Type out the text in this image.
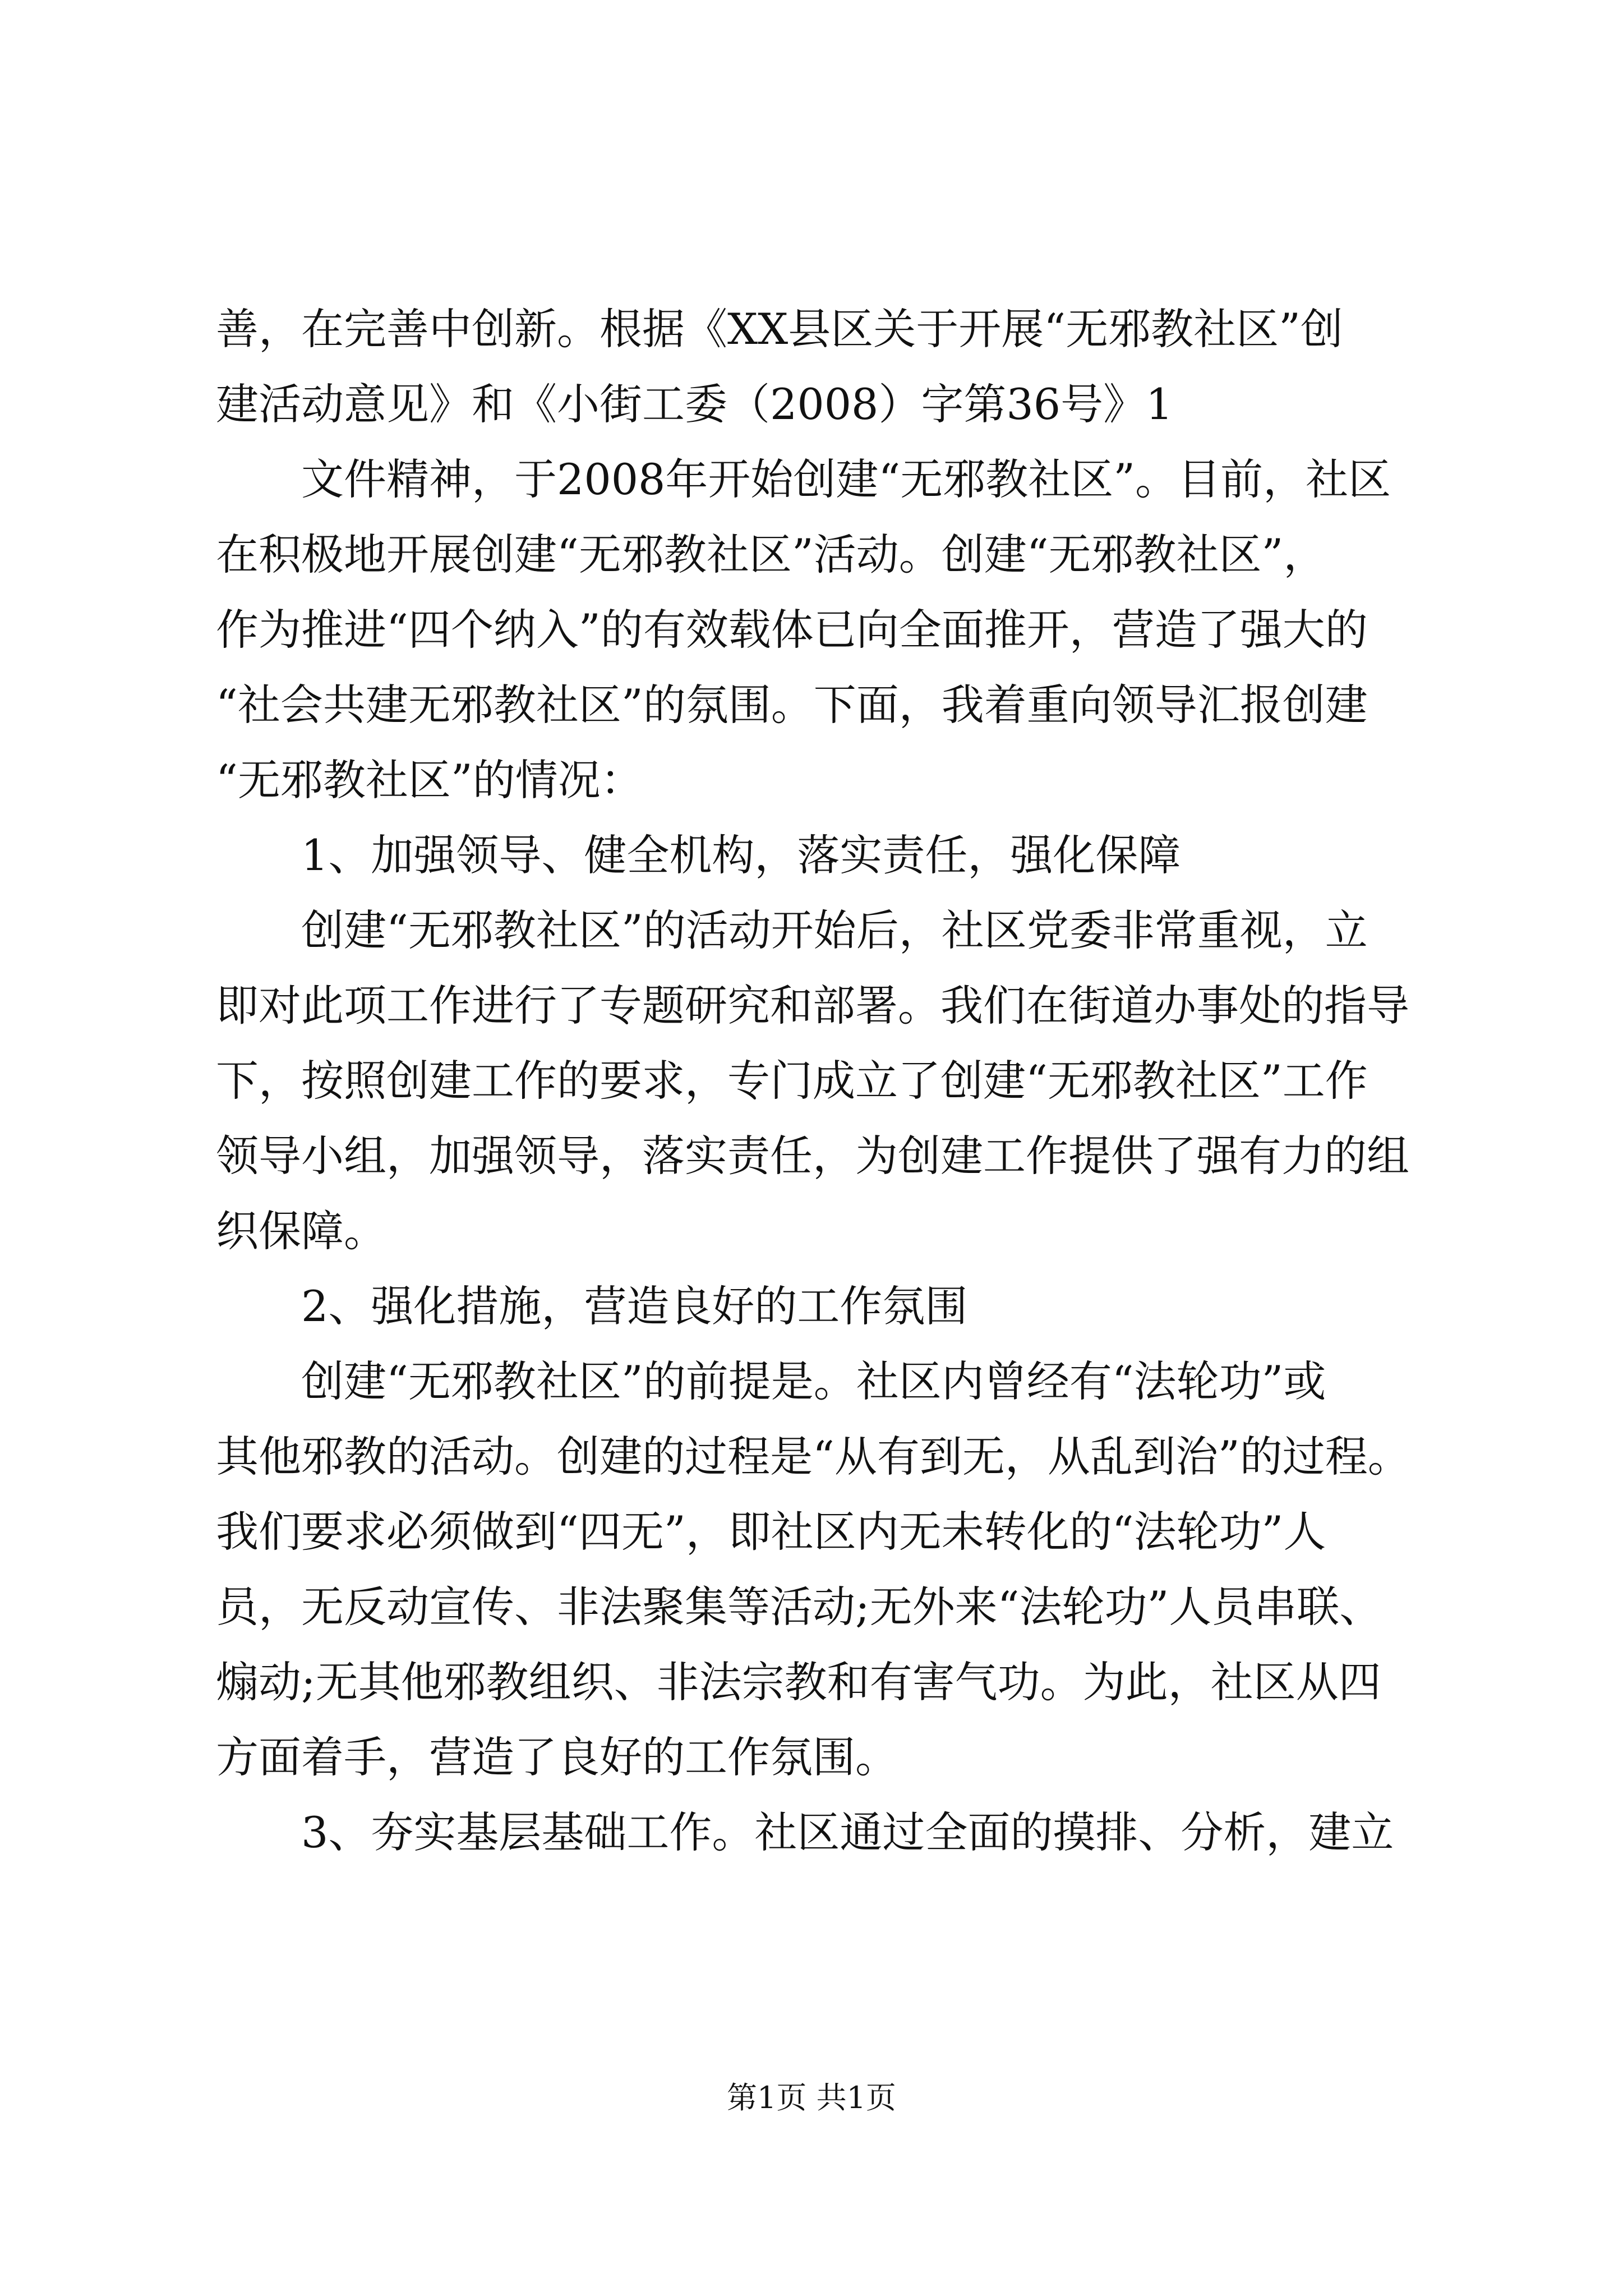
善，在完善中创新。根据《XX县区关于开展“无邪教社区”创
建活动意见》和《小街工委（2008）字第36号》1
文件精神，于2008年开始创建“无邪教社区”。目前，社区
在积极地开展创建“无邪教社区”活动。创建“无邪教社区”，
作为推进“四个纳入”的有效载体已向全面推开，营造了强大的
“社会共建无邪教社区”的氛围。下面，我着重向领导汇报创建
“无邪教社区”的情况：
1、加强领导、健全机构，落实责任，强化保障
创建“无邪教社区”的活动开始后，社区党委非常重视，立
即对此项工作进行了专题研究和部署。我们在街道办事处的指导
下，按照创建工作的要求，专门成立了创建“无邪教社区”工作
领导小组，加强领导，落实责任，为创建工作提供了强有力的组
织保障。
2、强化措施，营造良好的工作氛围
创建“无邪教社区”的前提是。社区内曾经有“法轮功”或
其他邪教的活动。创建的过程是“从有到无，从乱到治”的过程。
我们要求必须做到“四无”，即社区内无未转化的“法轮功”人
员，无反动宣传、非法聚集等活动;无外来“法轮功”人员串联、
煽动;无其他邪教组织、非法宗教和有害气功。为此，社区从四
方面着手，营造了良好的工作氛围。
3、夯实基层基础工作。社区通过全面的摸排、分析，建立
第1页 共1页
